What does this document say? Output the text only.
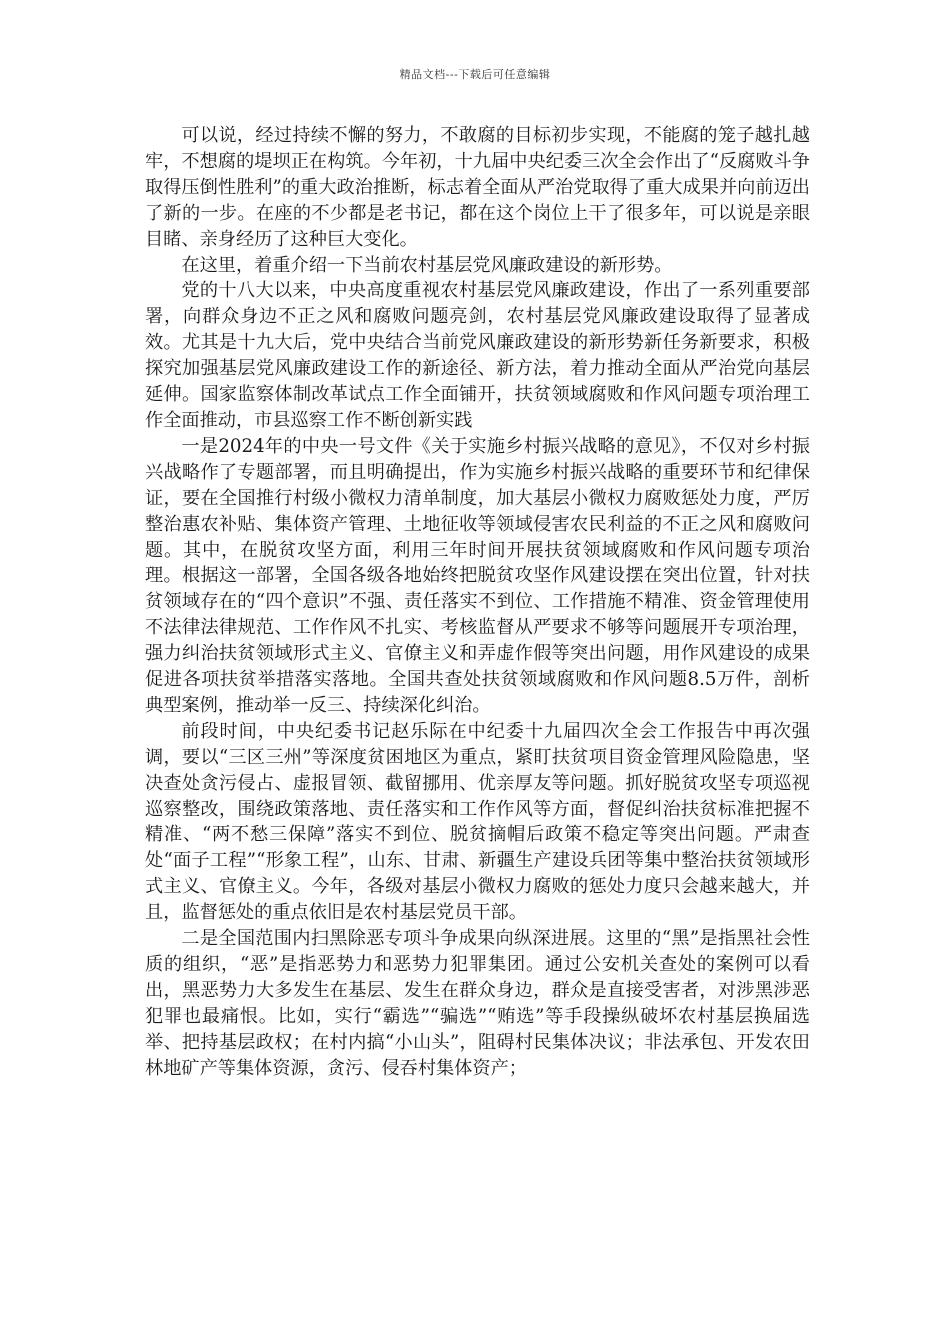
精品文档---下载后可任意编辑

可以说，经过持续不懈的努力，不敢腐的目标初步实现，不能腐的笼子越扎越牢，不想腐的堤坝正在构筑。今年初，十九届中央纪委三次全会作出了“反腐败斗争取得压倒性胜利”的重大政治推断，标志着全面从严治党取得了重大成果并向前迈出了新的一步。在座的不少都是老书记，都在这个岗位上干了很多年，可以说是亲眼目睹、亲身经历了这种巨大变化。

在这里，着重介绍一下当前农村基层党风廉政建设的新形势。

党的十八大以来，中央高度重视农村基层党风廉政建设，作出了一系列重要部署，向群众身边不正之风和腐败问题亮剑，农村基层党风廉政建设取得了显著成效。尤其是十九大后，党中央结合当前党风廉政建设的新形势新任务新要求，积极探究加强基层党风廉政建设工作的新途径、新方法，着力推动全面从严治党向基层延伸。国家监察体制改革试点工作全面铺开，扶贫领域腐败和作风问题专项治理工作全面推动，市县巡察工作不断创新实践

一是2024年的中央一号文件《关于实施乡村振兴战略的意见》，不仅对乡村振兴战略作了专题部署，而且明确提出，作为实施乡村振兴战略的重要环节和纪律保证，要在全国推行村级小微权力清单制度，加大基层小微权力腐败惩处力度，严厉整治惠农补贴、集体资产管理、土地征收等领域侵害农民利益的不正之风和腐败问题。其中，在脱贫攻坚方面，利用三年时间开展扶贫领域腐败和作风问题专项治理。根据这一部署，全国各级各地始终把脱贫攻坚作风建设摆在突出位置，针对扶贫领域存在的“四个意识”不强、责任落实不到位、工作措施不精准、资金管理使用不法律法律规范、工作作风不扎实、考核监督从严要求不够等问题展开专项治理，强力纠治扶贫领域形式主义、官僚主义和弄虚作假等突出问题，用作风建设的成果促进各项扶贫举措落实落地。全国共查处扶贫领域腐败和作风问题8.5万件，剖析典型案例，推动举一反三、持续深化纠治。

前段时间，中央纪委书记赵乐际在中纪委十九届四次全会工作报告中再次强调，要以“三区三州”等深度贫困地区为重点，紧盯扶贫项目资金管理风险隐患，坚决查处贪污侵占、虚报冒领、截留挪用、优亲厚友等问题。抓好脱贫攻坚专项巡视巡察整改，围绕政策落地、责任落实和工作作风等方面，督促纠治扶贫标准把握不精准、“两不愁三保障”落实不到位、脱贫摘帽后政策不稳定等突出问题。严肃查处“面子工程”“形象工程”，山东、甘肃、新疆生产建设兵团等集中整治扶贫领域形式主义、官僚主义。今年，各级对基层小微权力腐败的惩处力度只会越来越大，并且，监督惩处的重点依旧是农村基层党员干部。

二是全国范围内扫黑除恶专项斗争成果向纵深进展。这里的“黑”是指黑社会性质的组织，“恶”是指恶势力和恶势力犯罪集团。通过公安机关查处的案例可以看出，黑恶势力大多发生在基层、发生在群众身边，群众是直接受害者，对涉黑涉恶犯罪也最痛恨。比如，实行“霸选”“骗选”“贿选”等手段操纵破坏农村基层换届选举、把持基层政权；在村内搞“小山头”，阻碍村民集体决议；非法承包、开发农田林地矿产等集体资源，贪污、侵吞村集体资产；
